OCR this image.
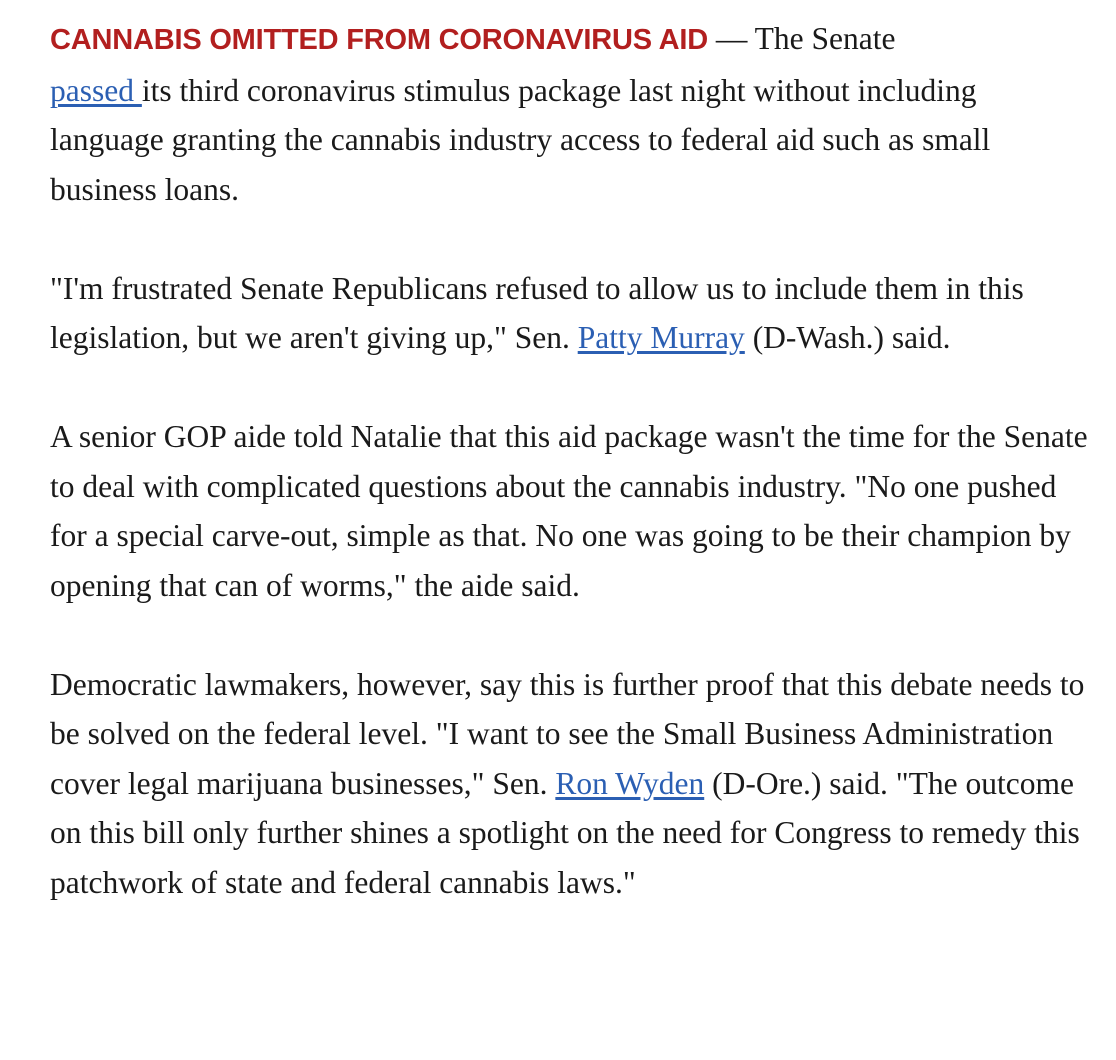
CANNABIS OMITTED FROM CORONAVIRUS AID — The Senate
passed its third coronavirus stimulus package last night without including language granting the cannabis industry access to federal aid such as small business loans.

"I'm frustrated Senate Republicans refused to allow us to include them in this legislation, but we aren't giving up," Sen. Patty Murray (D-Wash.) said.

A senior GOP aide told Natalie that this aid package wasn't the time for the Senate to deal with complicated questions about the cannabis industry. "No one pushed for a special carve-out, simple as that. No one was going to be their champion by opening that can of worms," the aide said.

Democratic lawmakers, however, say this is further proof that this debate needs to be solved on the federal level. "I want to see the Small Business Administration cover legal marijuana businesses," Sen. Ron Wyden (D-Ore.) said. "The outcome on this bill only further shines a spotlight on the need for Congress to remedy this patchwork of state and federal cannabis laws."
